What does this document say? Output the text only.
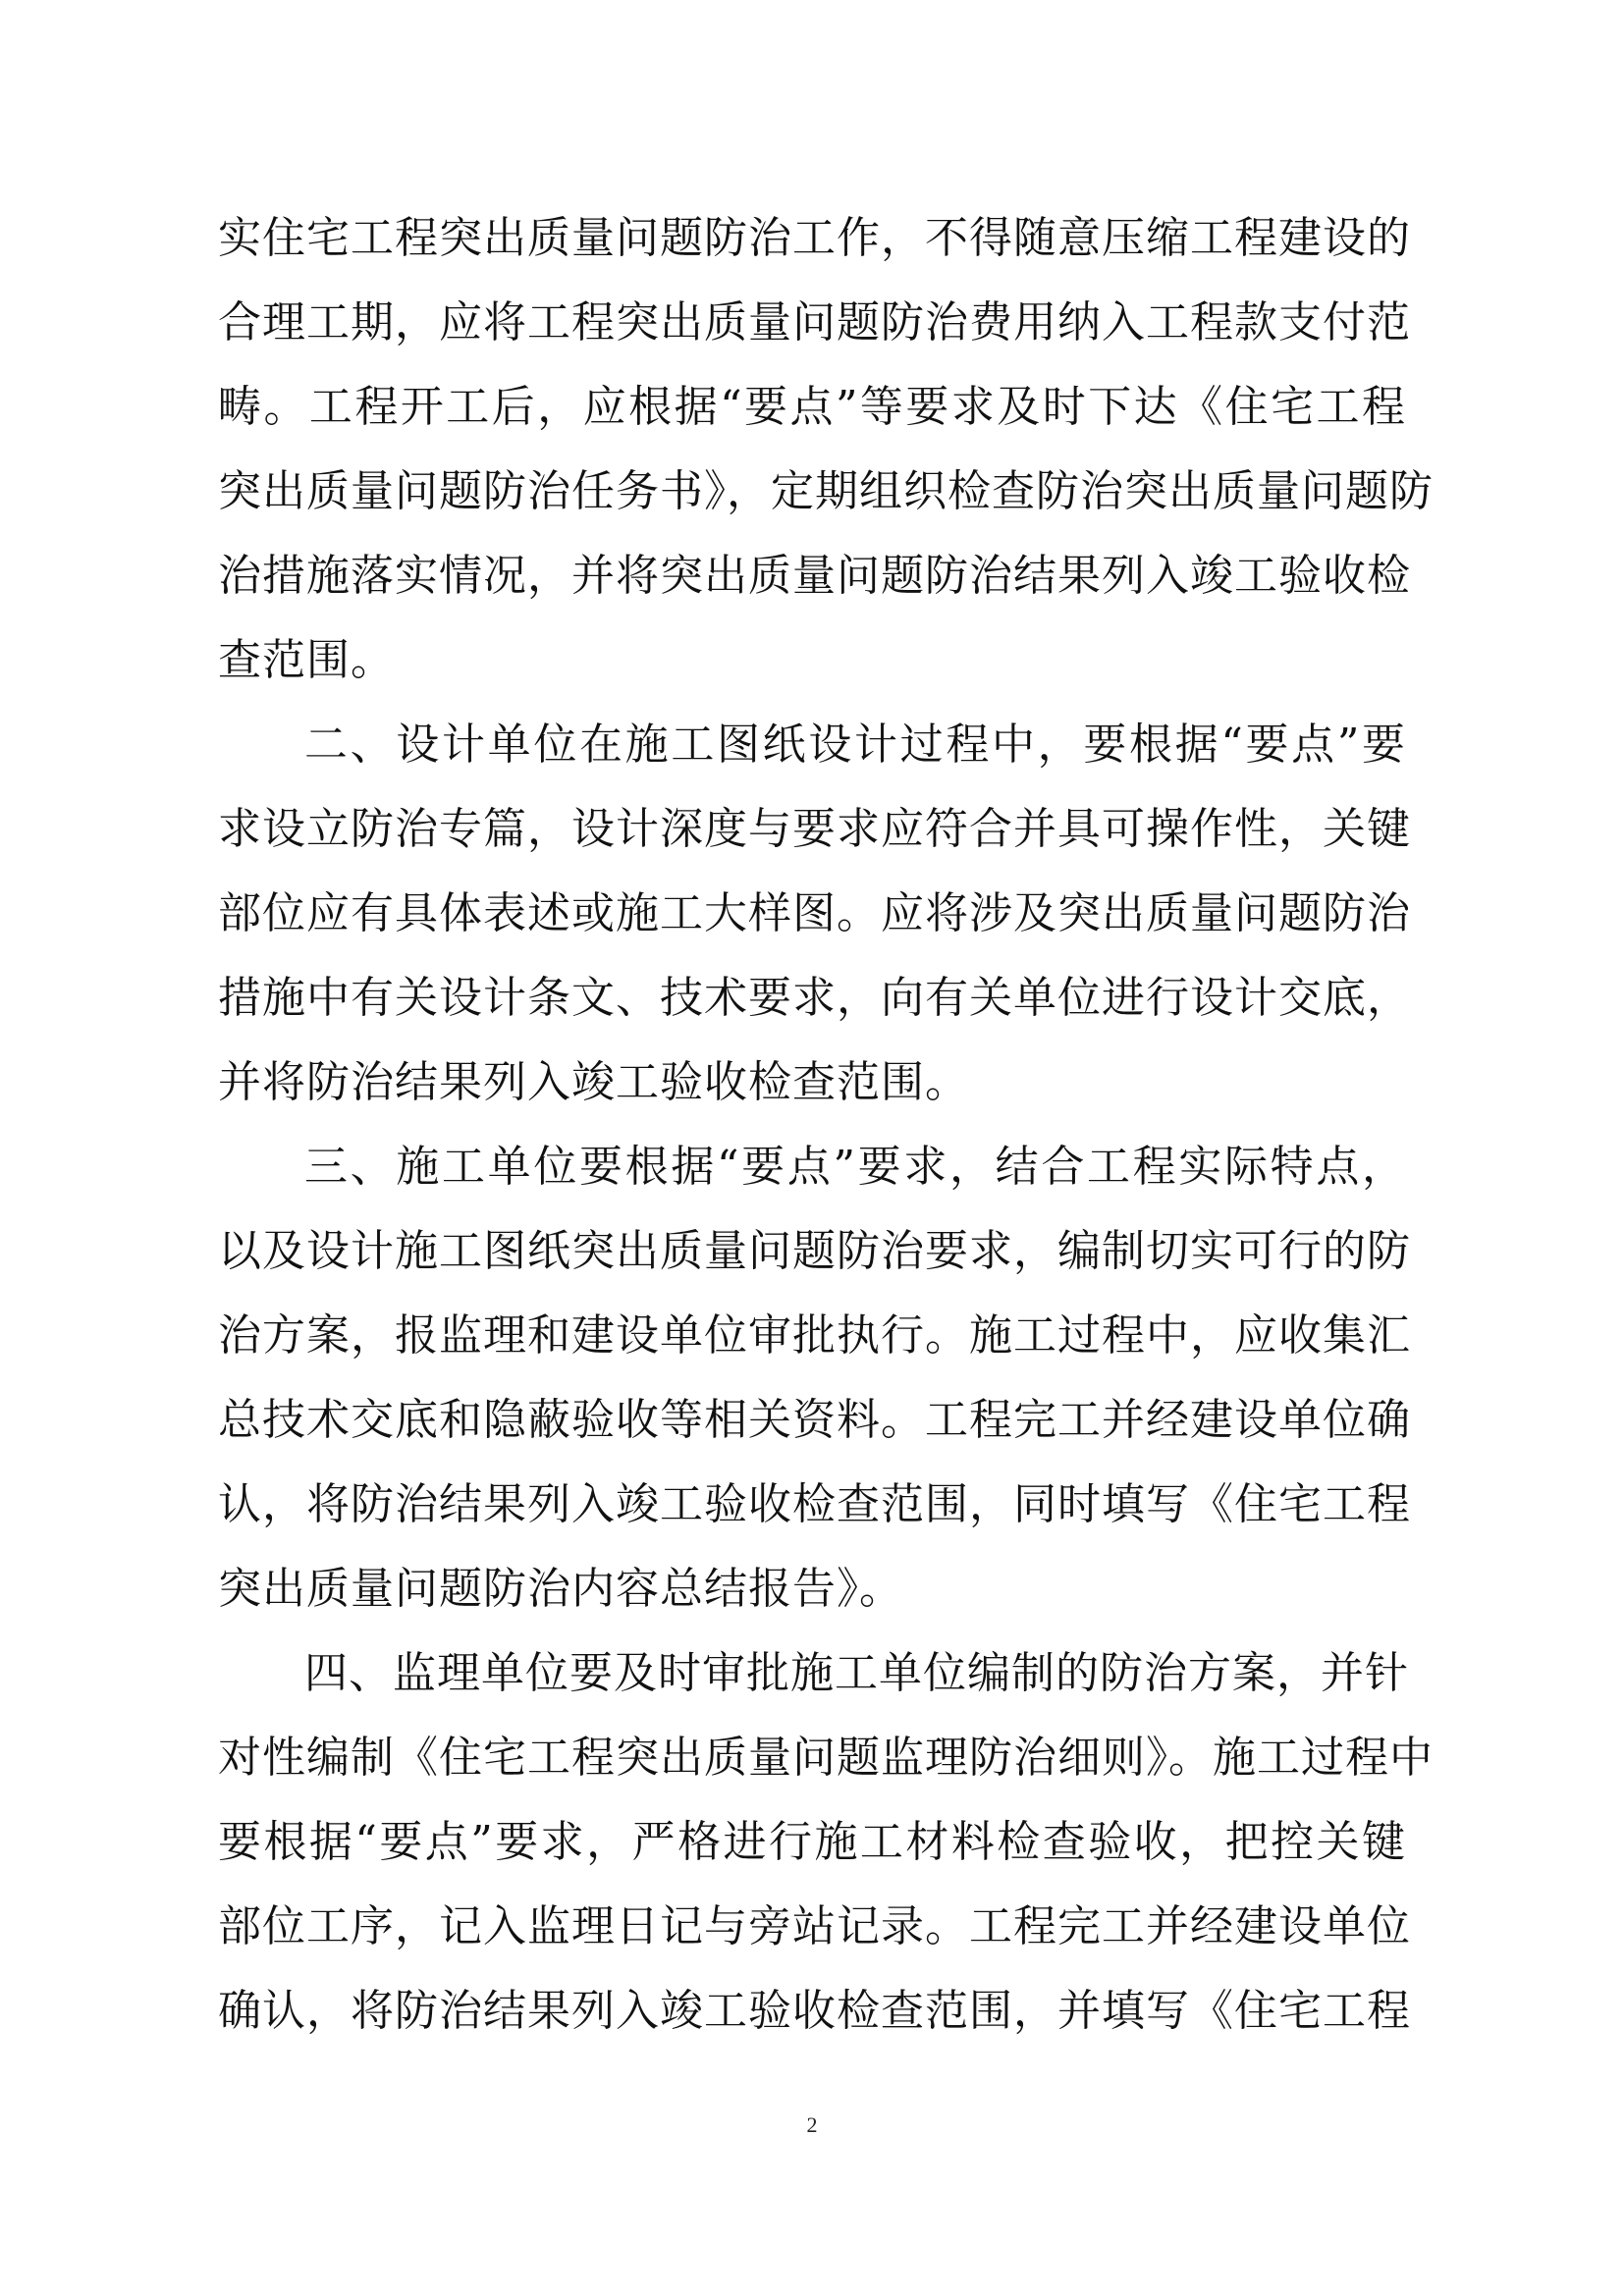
实住宅工程突出质量问题防治工作，不得随意压缩工程建设的
合理工期，应将工程突出质量问题防治费用纳入工程款支付范
畴。工程开工后，应根据“要点”等要求及时下达《住宅工程
突出质量问题防治任务书》，定期组织检查防治突出质量问题防
治措施落实情况，并将突出质量问题防治结果列入竣工验收检
查范围。
二、设计单位在施工图纸设计过程中，要根据“要点”要
求设立防治专篇，设计深度与要求应符合并具可操作性，关键
部位应有具体表述或施工大样图。应将涉及突出质量问题防治
措施中有关设计条文、技术要求，向有关单位进行设计交底，
并将防治结果列入竣工验收检查范围。
三、施工单位要根据“要点”要求，结合工程实际特点，
以及设计施工图纸突出质量问题防治要求，编制切实可行的防
治方案，报监理和建设单位审批执行。施工过程中，应收集汇
总技术交底和隐蔽验收等相关资料。工程完工并经建设单位确
认，将防治结果列入竣工验收检查范围，同时填写《住宅工程
突出质量问题防治内容总结报告》。
四、监理单位要及时审批施工单位编制的防治方案，并针
对性编制《住宅工程突出质量问题监理防治细则》。施工过程中
要根据“要点”要求，严格进行施工材料检查验收，把控关键
部位工序，记入监理日记与旁站记录。工程完工并经建设单位
确认，将防治结果列入竣工验收检查范围，并填写《住宅工程
2
